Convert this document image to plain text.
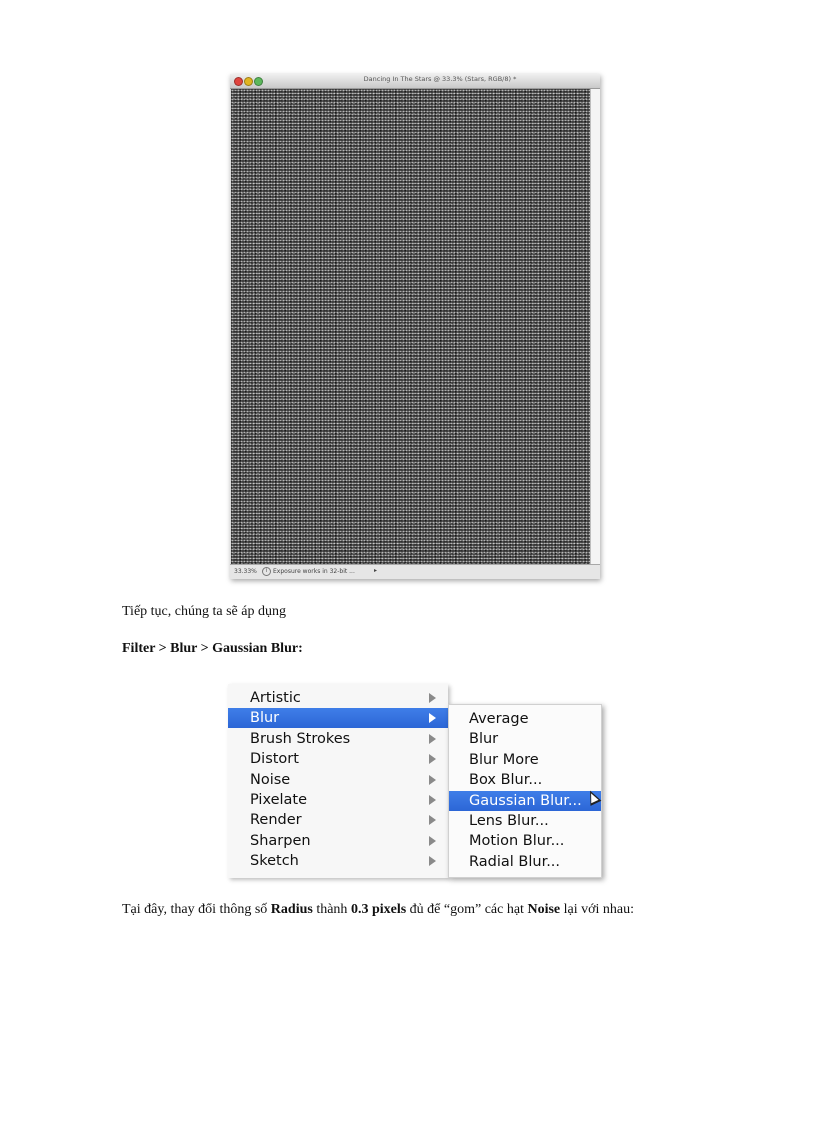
Dancing In The Stars @ 33.3% (Stars, RGB/8) *
33.33%	i Exposure works in 32-bit ...	▸
Tiếp tục, chúng ta sẽ áp dụng
Filter > Blur > Gaussian Blur:
Artistic
Blur
Brush Strokes
Distort
Noise
Pixelate
Render
Sharpen
Sketch
Average
Blur
Blur More
Box Blur...
Gaussian Blur...
Lens Blur...
Motion Blur...
Radial Blur...
Tại đây, thay đổi thông số Radius thành 0.3 pixels đủ để “gom” các hạt Noise lại với nhau:
